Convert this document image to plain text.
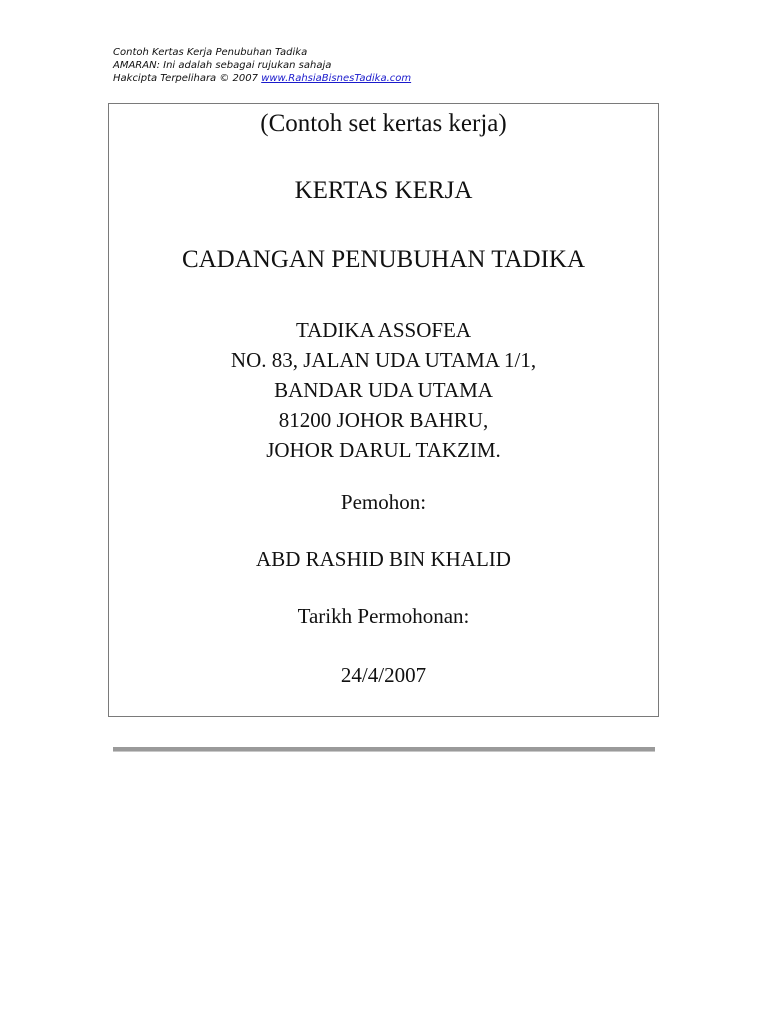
Contoh Kertas Kerja Penubuhan Tadika
AMARAN: Ini adalah sebagai rujukan sahaja
Hakcipta Terpelihara © 2007 www.RahsiaBisnesTadika.com
(Contoh set kertas kerja)
KERTAS KERJA
CADANGAN PENUBUHAN TADIKA
TADIKA ASSOFEA
NO. 83, JALAN UDA UTAMA 1/1,
BANDAR UDA UTAMA
81200 JOHOR BAHRU,
JOHOR DARUL TAKZIM.
Pemohon:
ABD RASHID BIN KHALID
Tarikh Permohonan:
24/4/2007
